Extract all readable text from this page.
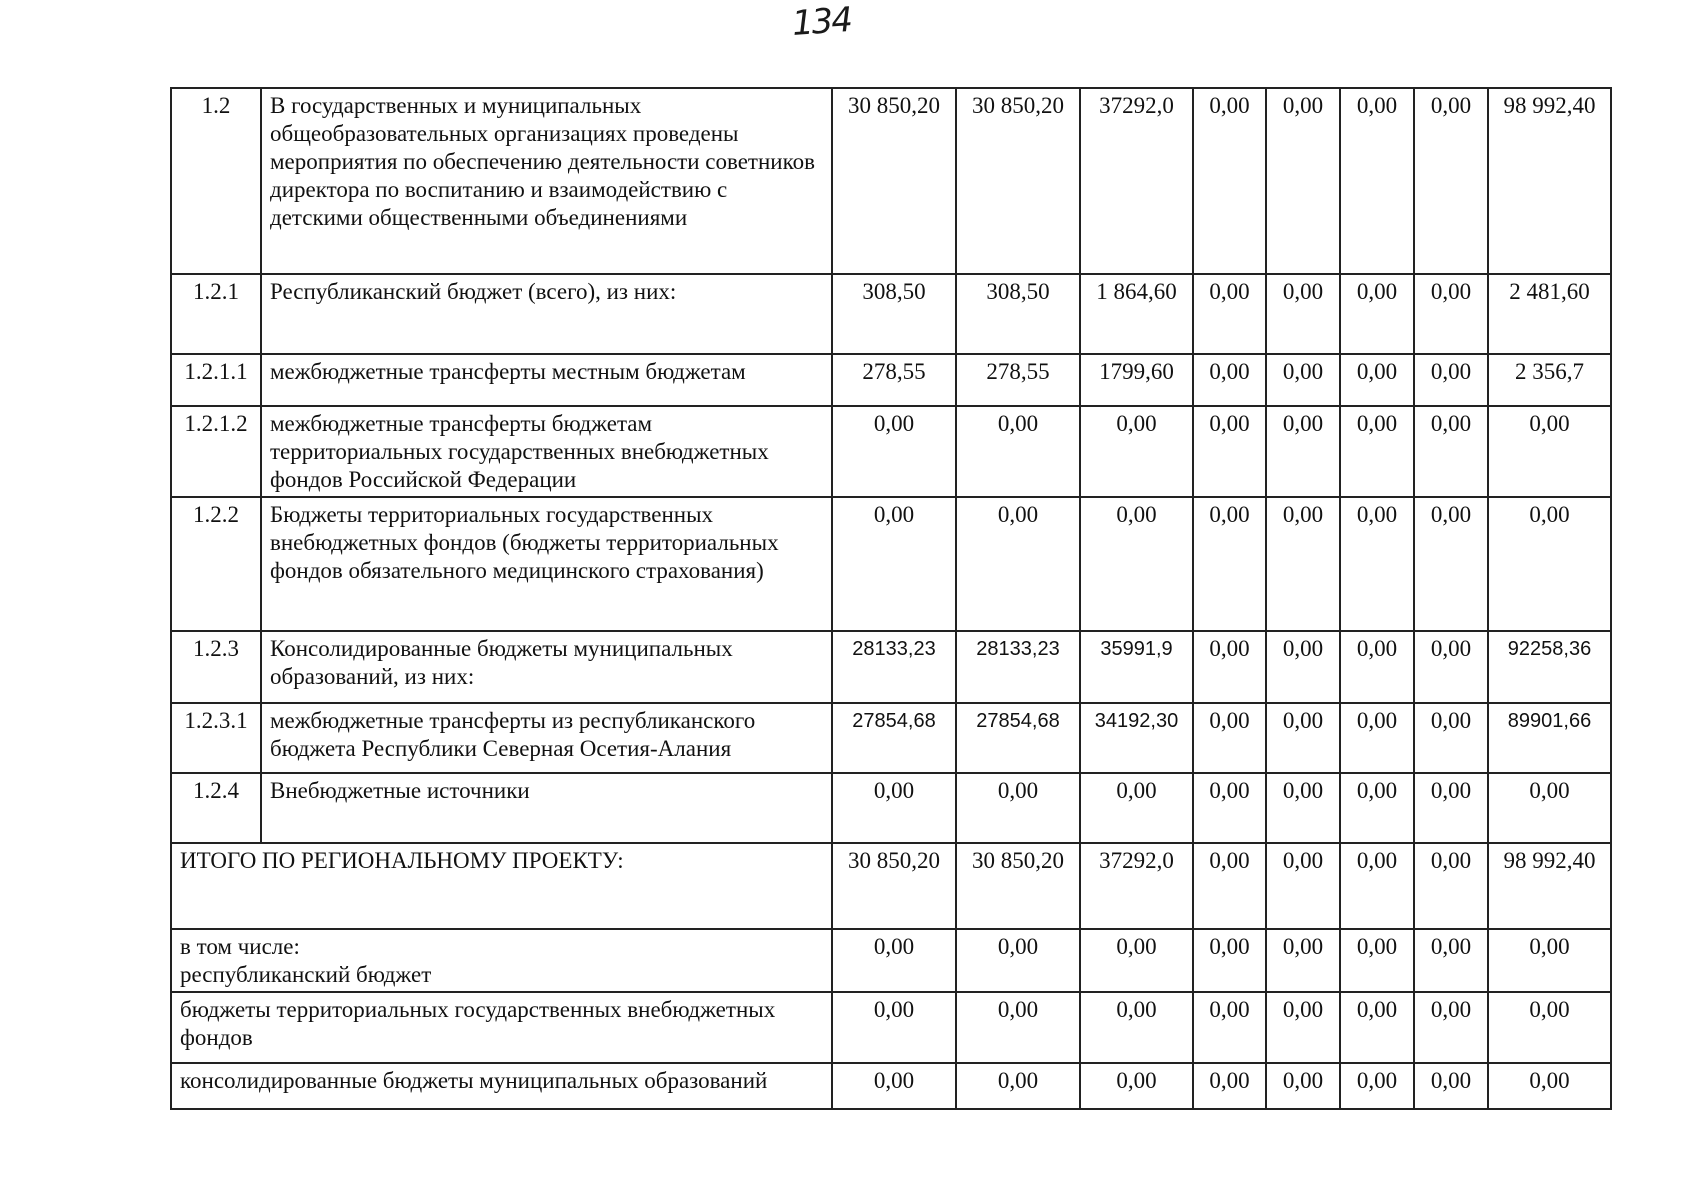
134
1.2	В государственных и муниципальных общеобразовательных организациях проведены мероприятия по обеспечению деятельности советников директора по воспитанию и взаимодействию с детскими общественными объединениями	30 850,20	30 850,20	37292,0	0,00	0,00	0,00	0,00	98 992,40
1.2.1	Республиканский бюджет (всего), из них:	308,50	308,50	1 864,60	0,00	0,00	0,00	0,00	2 481,60
1.2.1.1	межбюджетные трансферты местным бюджетам	278,55	278,55	1799,60	0,00	0,00	0,00	0,00	2 356,7
1.2.1.2	межбюджетные трансферты бюджетам территориальных государственных внебюджетных фондов Российской Федерации	0,00	0,00	0,00	0,00	0,00	0,00	0,00	0,00
1.2.2	Бюджеты территориальных государственных внебюджетных фондов (бюджеты территориальных фондов обязательного медицинского страхования)	0,00	0,00	0,00	0,00	0,00	0,00	0,00	0,00
1.2.3	Консолидированные бюджеты муниципальных образований, из них:	28133,23	28133,23	35991,9	0,00	0,00	0,00	0,00	92258,36
1.2.3.1	межбюджетные трансферты из республиканского бюджета Республики Северная Осетия-Алания	27854,68	27854,68	34192,30	0,00	0,00	0,00	0,00	89901,66
1.2.4	Внебюджетные источники	0,00	0,00	0,00	0,00	0,00	0,00	0,00	0,00
ИТОГО ПО РЕГИОНАЛЬНОМУ ПРОЕКТУ:		30 850,20	30 850,20	37292,0	0,00	0,00	0,00	0,00	98 992,40
в том числе:
республиканский бюджет		0,00	0,00	0,00	0,00	0,00	0,00	0,00	0,00
бюджеты территориальных государственных внебюджетных фондов		0,00	0,00	0,00	0,00	0,00	0,00	0,00	0,00
консолидированные бюджеты муниципальных образований		0,00	0,00	0,00	0,00	0,00	0,00	0,00	0,00
